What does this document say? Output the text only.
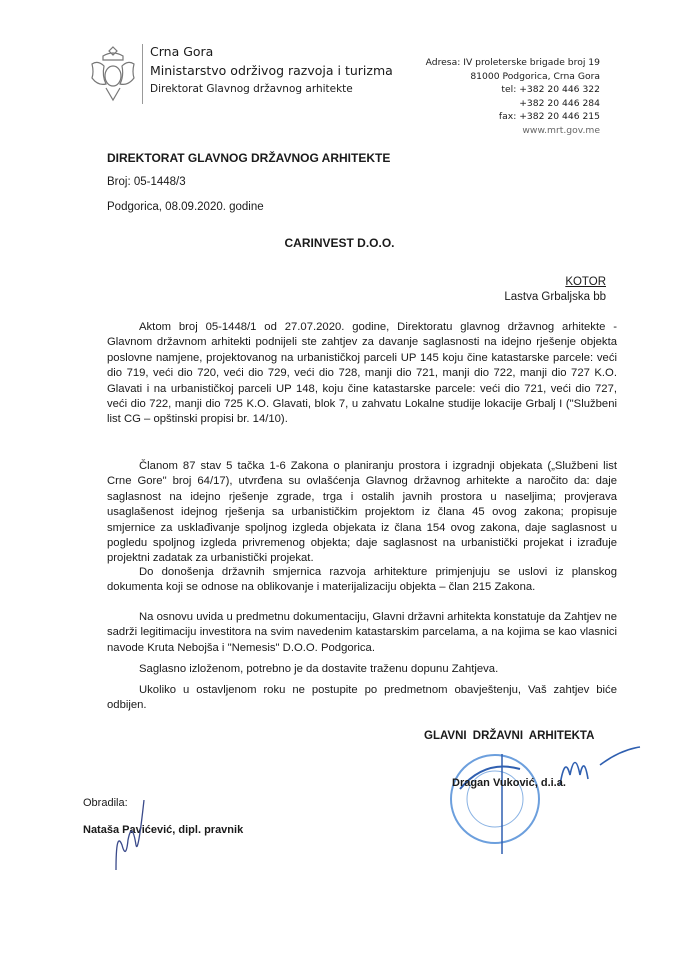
Crna Gora
Ministarstvo održivog razvoja i turizma
Direktorat Glavnog državnog arhitekte
Adresa: IV proleterske brigade broj 19
81000 Podgorica, Crna Gora
tel: +382 20 446 322
+382 20 446 284
fax: +382 20 446 215
www.mrt.gov.me
DIREKTORAT GLAVNOG DRŽAVNOG ARHITEKTE
Broj: 05-1448/3
Podgorica, 08.09.2020. godine
CARINVEST D.O.O.
KOTOR
Lastva Grbaljska bb

Aktom broj 05-1448/1 od 27.07.2020. godine, Direktoratu glavnog državnog arhitekte - Glavnom državnom arhitekti podnijeli ste zahtjev za davanje saglasnosti na idejno rješenje objekta poslovne namjene, projektovanog na urbanističkoj parceli UP 145 koju čine katastarske parcele: veći dio 719, veći dio 720, veći dio 729, veći dio 728, manji dio 721, manji dio 722, manji dio 727 K.O. Glavati i na urbanističkoj parceli UP 148, koju čine katastarske parcele: veći dio 721, veći dio 727, veći dio 722, manji dio 725 K.O. Glavati, blok 7, u zahvatu Lokalne studije lokacije Grbalj I ("Službeni list CG – opštinski propisi br. 14/10).

Članom 87 stav 5 tačka 1-6 Zakona o planiranju prostora i izgradnji objekata („Službeni list Crne Gore" broj 64/17), utvrđena su ovlašćenja Glavnog državnog arhitekte a naročito da: daje saglasnost na idejno rješenje zgrade, trga i ostalih javnih prostora u naseljima; provjerava usaglašenost idejnog rješenja sa urbanističkim projektom iz člana 45 ovog zakona; propisuje smjernice za usklađivanje spoljnog izgleda objekata iz člana 154 ovog zakona, daje saglasnost u pogledu spoljnog izgleda privremenog objekta; daje saglasnost na urbanistički projekat i izrađuje projektni zadatak za urbanistički projekat.

Do donošenja državnih smjernica razvoja arhitekture primjenjuju se uslovi iz planskog dokumenta koji se odnose na oblikovanje i materijalizaciju objekta – član 215 Zakona.

Na osnovu uvida u predmetnu dokumentaciju, Glavni državni arhitekta konstatuje da Zahtjev ne sadrži legitimaciju investitora na svim navedenim katastarskim parcelama, a na kojima se kao vlasnici navode Kruta Nebojša i "Nemesis" D.O.O. Podgorica.

Saglasno izloženom, potrebno je da dostavite traženu dopunu Zahtjeva.

Ukoliko u ostavljenom roku ne postupite po predmetnom obavještenju, Vaš zahtjev biće odbijen.

GLAVNI DRŽAVNI ARHITEKTA
Dragan Vuković, d.i.a.
Obradila:
Nataša Pavićević, dipl. pravnik
